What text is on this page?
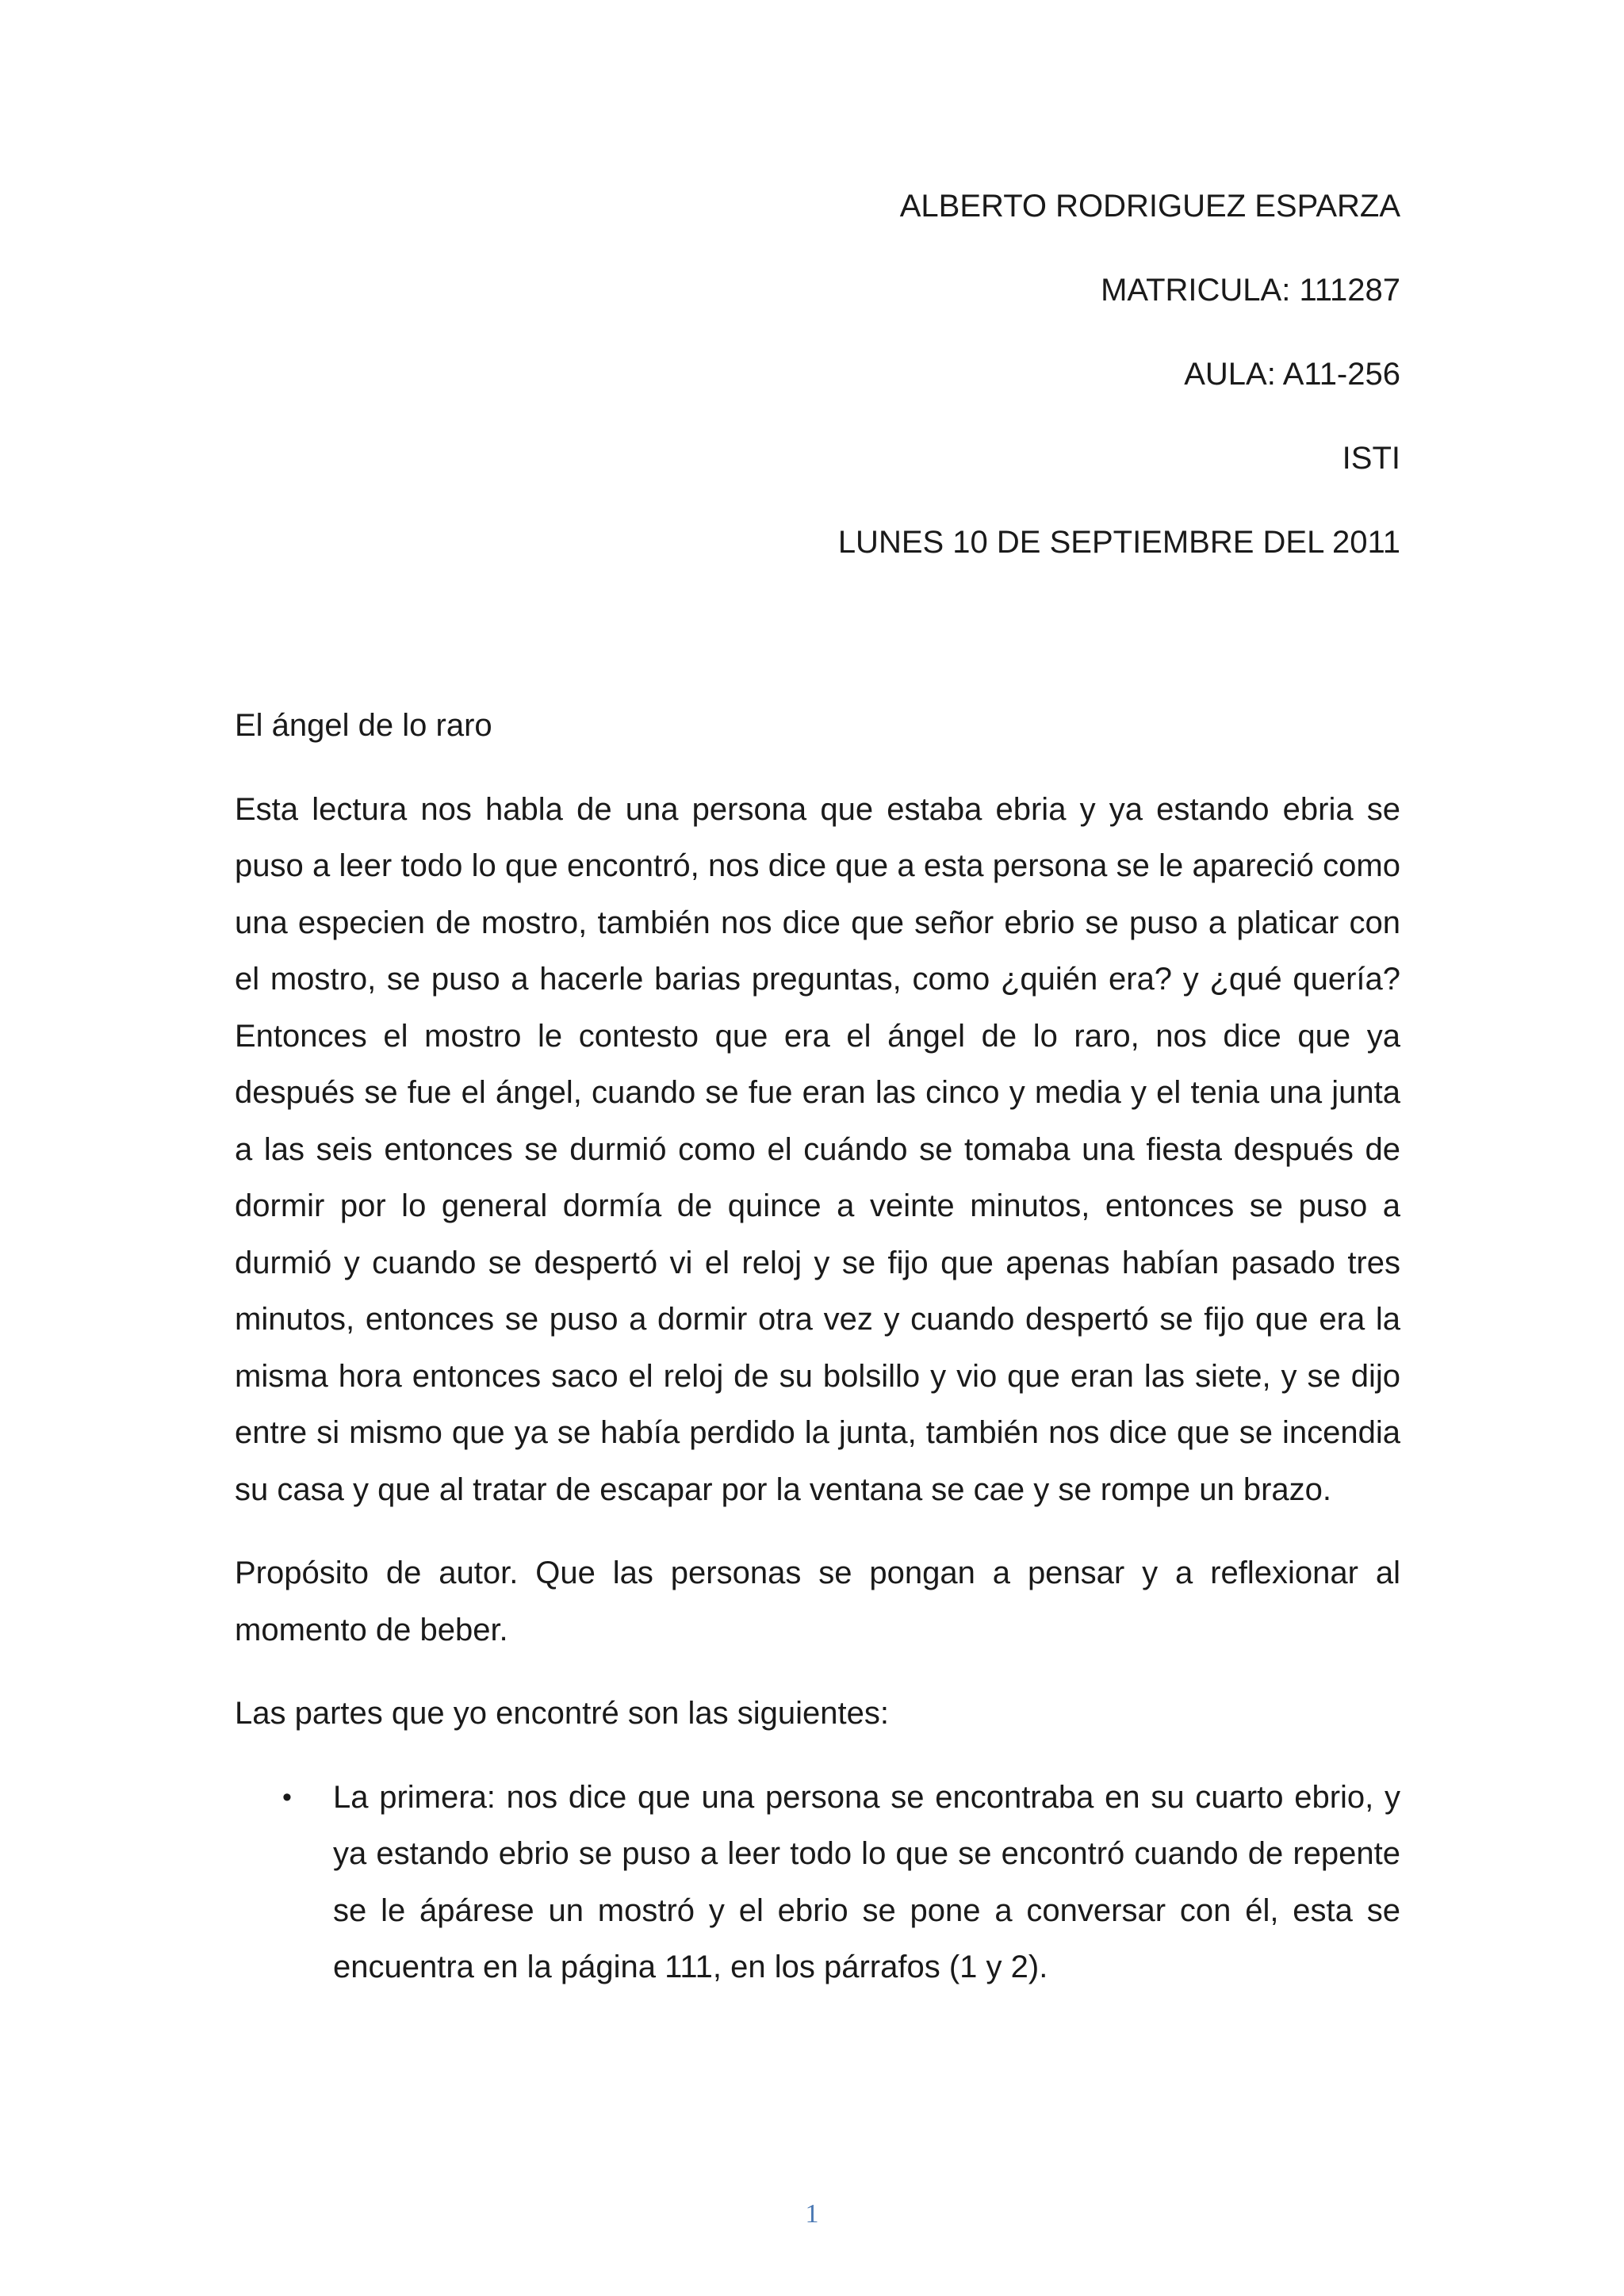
ALBERTO RODRIGUEZ ESPARZA

MATRICULA: 111287

AULA: A11-256

ISTI

LUNES 10 DE SEPTIEMBRE DEL 2011

El ángel de lo raro

Esta lectura nos habla de una persona que estaba ebria y ya estando ebria se puso a leer todo lo que encontró, nos dice que a esta persona se le apareció como una especien de mostro, también nos dice que señor ebrio se puso a platicar con el mostro, se puso a hacerle barias preguntas, como ¿quién era? y ¿qué quería? Entonces el mostro le contesto que era el ángel de lo raro, nos dice que ya después se fue el ángel, cuando se fue eran las cinco y media y el tenia una junta a las seis entonces se durmió como el cuándo se tomaba una fiesta después de dormir por lo general dormía de quince a veinte minutos, entonces se puso a durmió y cuando se despertó vi el reloj y se fijo que apenas habían pasado tres minutos, entonces se puso a dormir otra vez y cuando despertó se fijo que era la misma hora entonces saco el reloj de su bolsillo y vio que eran las siete, y se dijo entre si mismo que ya se había perdido la junta, también nos dice que se incendia su casa y que al tratar de escapar por la ventana se cae y se rompe un brazo.

Propósito de autor. Que las personas se pongan a pensar y a reflexionar al momento de beber.

Las partes que yo encontré son las siguientes:

• La primera: nos dice que una persona se encontraba en su cuarto ebrio, y ya estando ebrio se puso a leer todo lo que se encontró cuando de repente se le ápárese un mostró y el ebrio se pone a conversar con él, esta se encuentra en la página 111, en los párrafos (1 y 2).
1
